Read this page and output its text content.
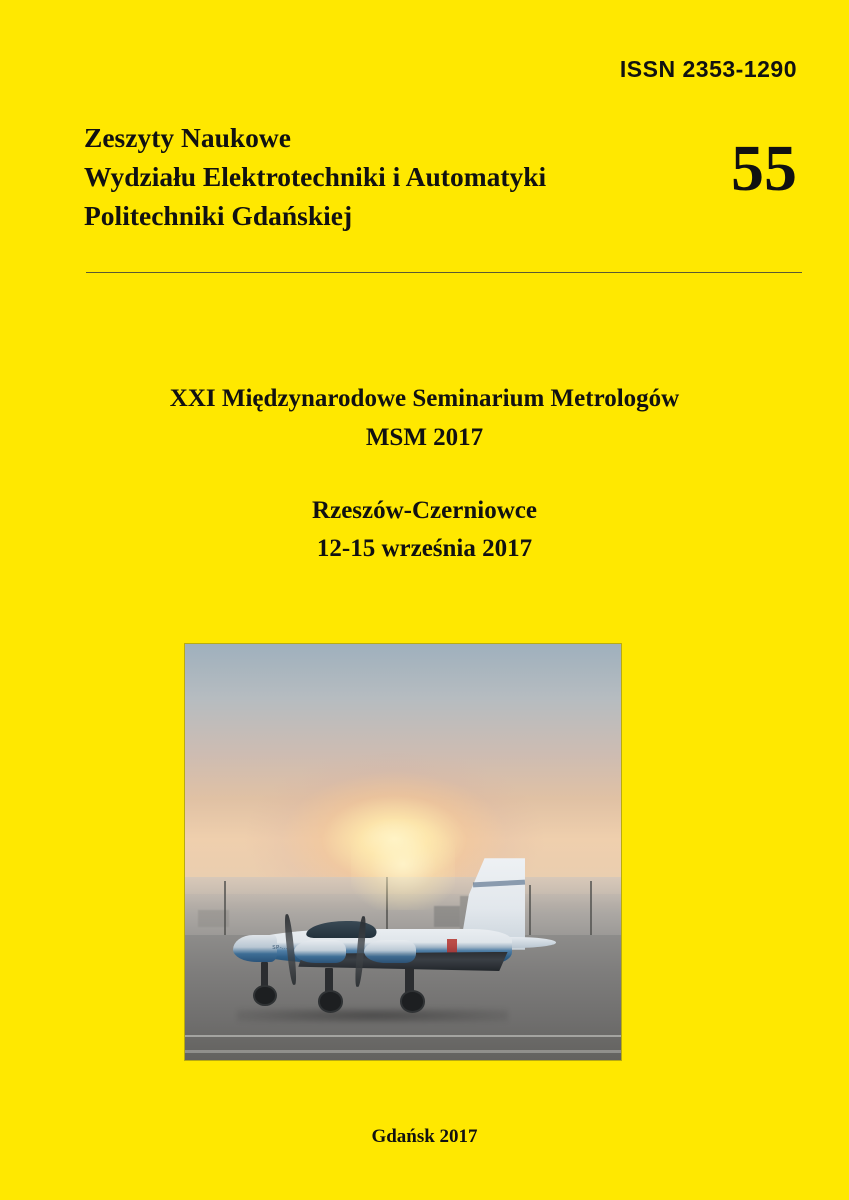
ISSN 2353-1290
Zeszyty Naukowe
Wydziału Elektrotechniki i Automatyki
Politechniki Gdańskiej
55
XXI Międzynarodowe Seminarium Metrologów
MSM 2017
Rzeszów-Czerniowce
12-15 września 2017
SP-...
Gdańsk 2017
